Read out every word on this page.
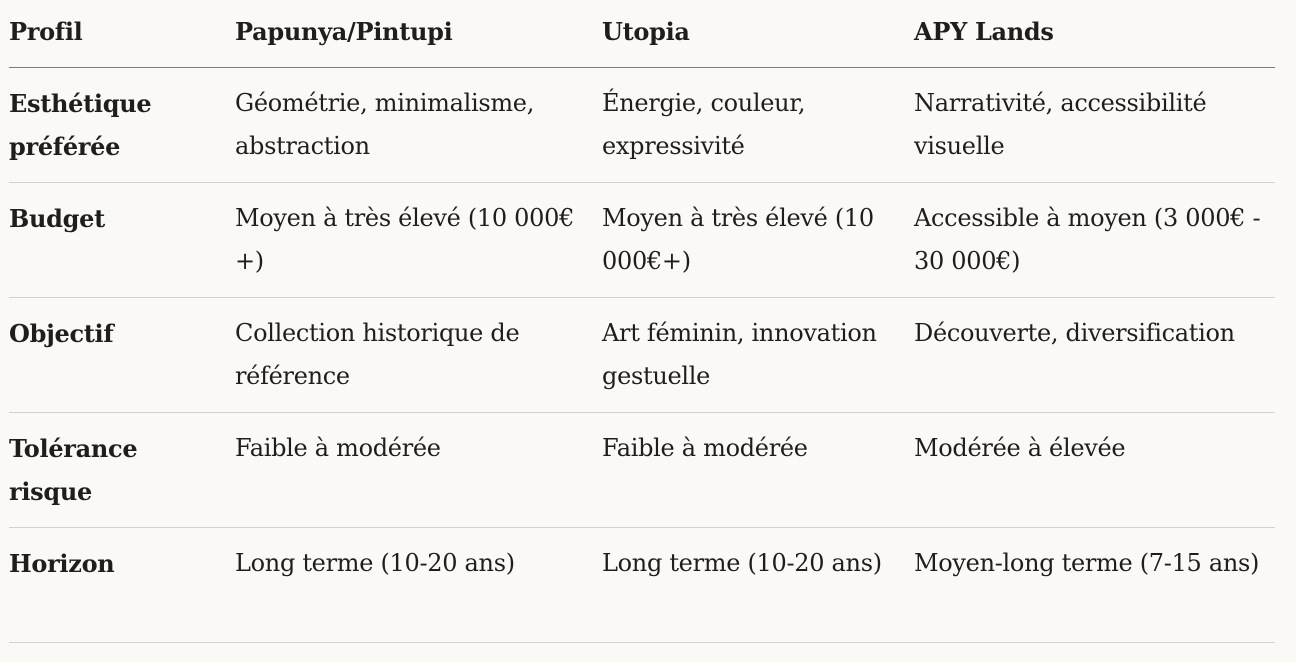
Profil	Papunya/Pintupi	Utopia	APY Lands
Esthétique préférée	Géométrie, minimalisme, abstraction	Énergie, couleur, expressivité	Narrativité, accessibilité visuelle
Budget	Moyen à très élevé (10 000€ +)	Moyen à très élevé (10 000€+)	Accessible à moyen (3 000€ - 30 000€)
Objectif	Collection historique de référence	Art féminin, innovation gestuelle	Découverte, diversification
Tolérance risque	Faible à modérée	Faible à modérée	Modérée à élevée
Horizon	Long terme (10-20 ans)	Long terme (10-20 ans)	Moyen-long terme (7-15 ans)
